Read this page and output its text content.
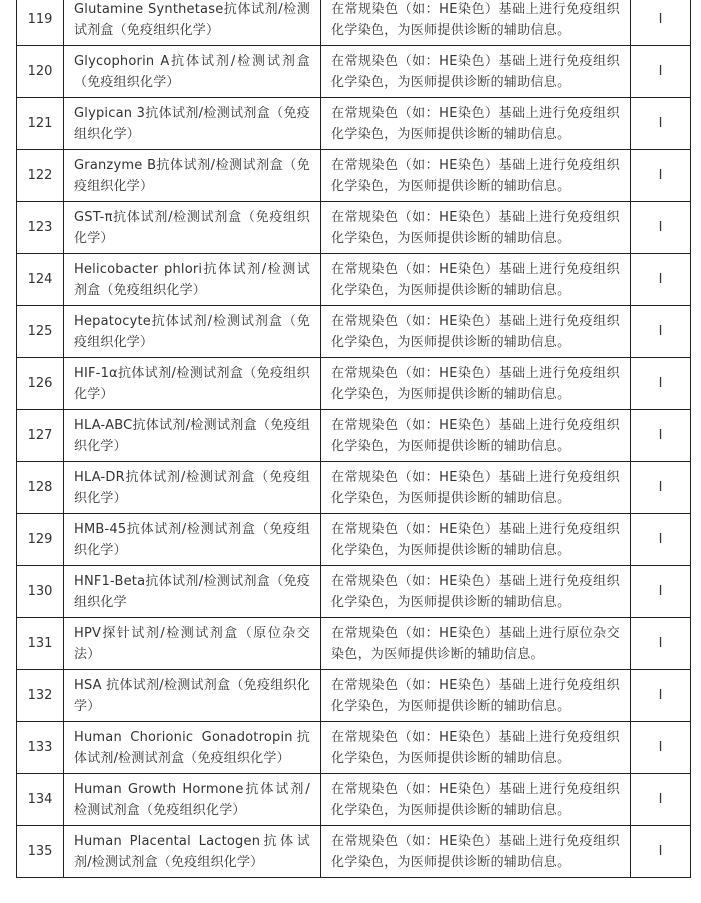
119	Glutamine Synthetase抗体试剂/检测试剂盒（免疫组织化学）	在常规染色（如：HE染色）基础上进行免疫组织化学染色，为医师提供诊断的辅助信息。	I

120	Glycophorin A抗体试剂/检测试剂盒（免疫组织化学）	在常规染色（如：HE染色）基础上进行免疫组织化学染色，为医师提供诊断的辅助信息。	I

121	Glypican 3抗体试剂/检测试剂盒（免疫组织化学）	在常规染色（如：HE染色）基础上进行免疫组织化学染色，为医师提供诊断的辅助信息。	I

122	Granzyme B抗体试剂/检测试剂盒（免疫组织化学）	在常规染色（如：HE染色）基础上进行免疫组织化学染色，为医师提供诊断的辅助信息。	I

123	GST-π抗体试剂/检测试剂盒（免疫组织化学）	在常规染色（如：HE染色）基础上进行免疫组织化学染色，为医师提供诊断的辅助信息。	I

124	Helicobacter phlori抗体试剂/检测试剂盒（免疫组织化学）	在常规染色（如：HE染色）基础上进行免疫组织化学染色，为医师提供诊断的辅助信息。	I

125	Hepatocyte抗体试剂/检测试剂盒（免疫组织化学）	在常规染色（如：HE染色）基础上进行免疫组织化学染色，为医师提供诊断的辅助信息。	I

126	HIF-1α抗体试剂/检测试剂盒（免疫组织化学）	在常规染色（如：HE染色）基础上进行免疫组织化学染色，为医师提供诊断的辅助信息。	I

127	HLA-ABC抗体试剂/检测试剂盒（免疫组织化学）	在常规染色（如：HE染色）基础上进行免疫组织化学染色，为医师提供诊断的辅助信息。	I

128	HLA-DR抗体试剂/检测试剂盒（免疫组织化学）	在常规染色（如：HE染色）基础上进行免疫组织化学染色，为医师提供诊断的辅助信息。	I

129	HMB-45抗体试剂/检测试剂盒（免疫组织化学）	在常规染色（如：HE染色）基础上进行免疫组织化学染色，为医师提供诊断的辅助信息。	I

130	HNF1-Beta抗体试剂/检测试剂盒（免疫组织化学	在常规染色（如：HE染色）基础上进行免疫组织化学染色，为医师提供诊断的辅助信息。	I

131	HPV探针试剂/检测试剂盒（原位杂交法）	在常规染色（如：HE染色）基础上进行原位杂交染色，为医师提供诊断的辅助信息。	I

132	HSA 抗体试剂/检测试剂盒（免疫组织化学）	在常规染色（如：HE染色）基础上进行免疫组织化学染色，为医师提供诊断的辅助信息。	I

133	Human Chorionic Gonadotropin抗体试剂/检测试剂盒（免疫组织化学）	在常规染色（如：HE染色）基础上进行免疫组织化学染色，为医师提供诊断的辅助信息。	I

134	Human Growth Hormone抗体试剂/检测试剂盒（免疫组织化学）	在常规染色（如：HE染色）基础上进行免疫组织化学染色，为医师提供诊断的辅助信息。	I

135	Human Placental Lactogen抗体试剂/检测试剂盒（免疫组织化学）	在常规染色（如：HE染色）基础上进行免疫组织化学染色，为医师提供诊断的辅助信息。	I
